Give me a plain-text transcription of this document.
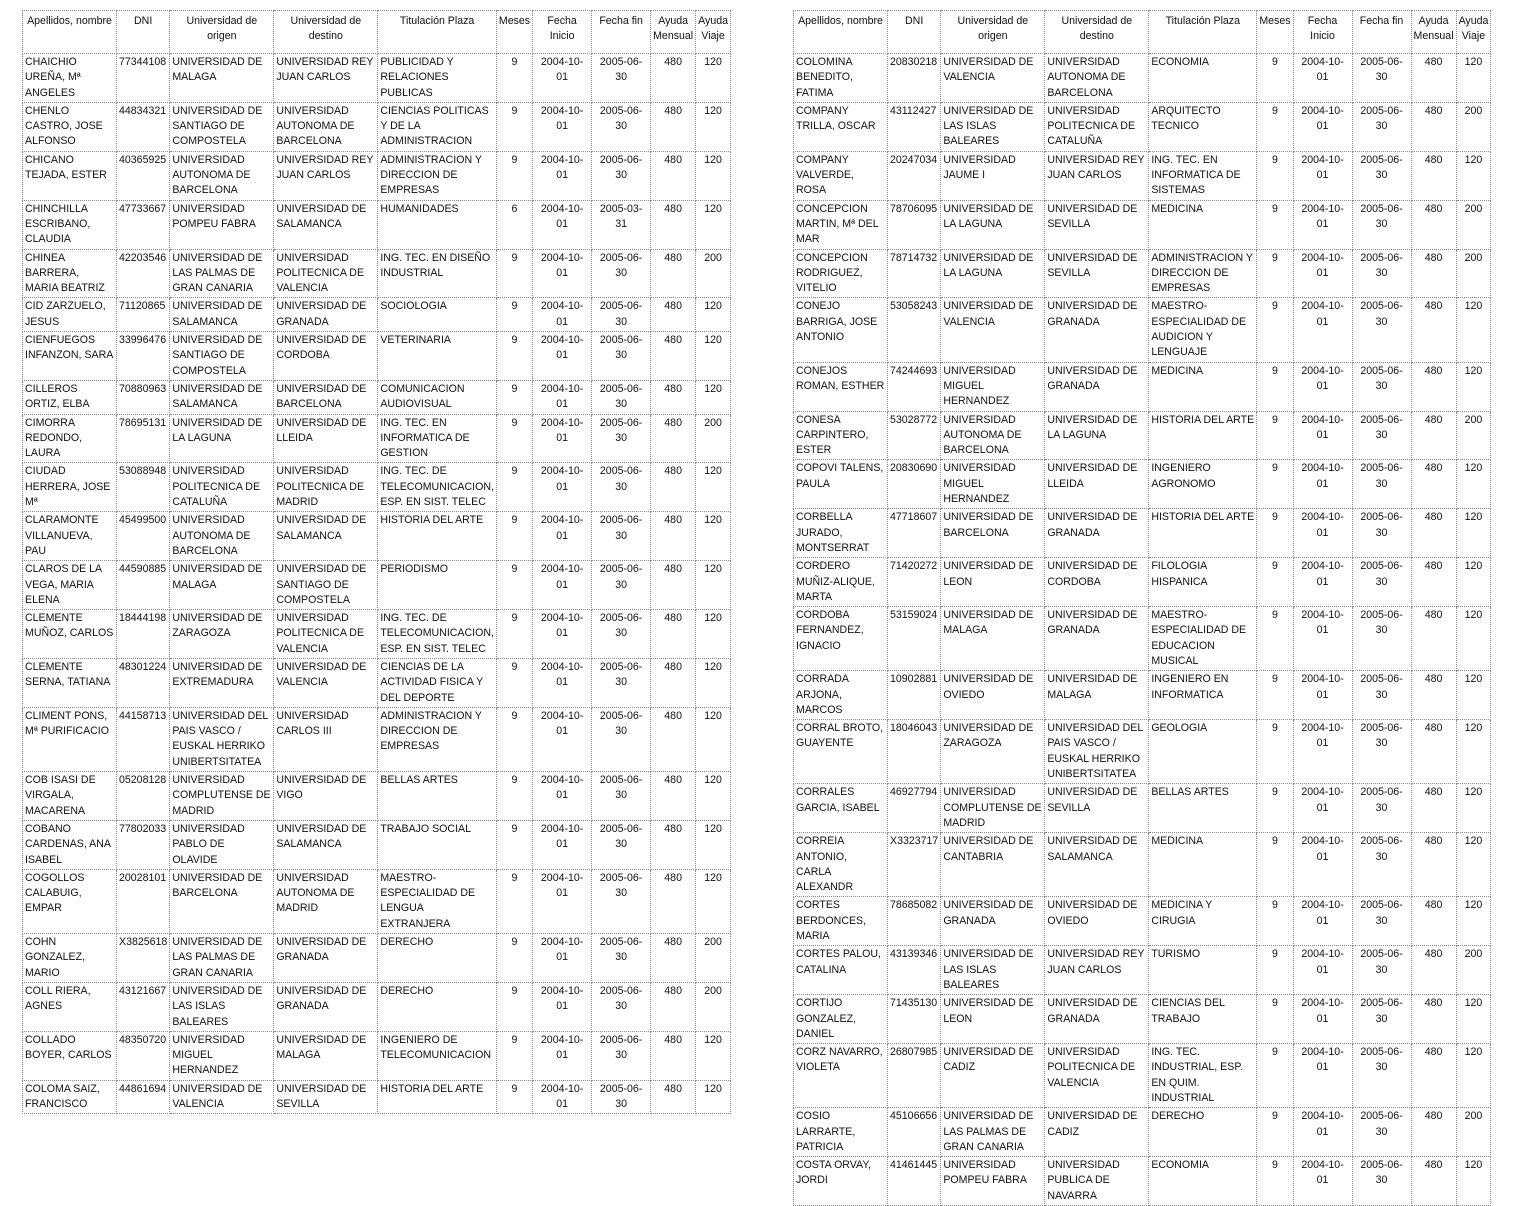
Apellidos, nombre	DNI	Universidad de origen	Universidad de destino	Titulación Plaza	Meses	Fecha Inicio	Fecha fin	Ayuda Mensual	Ayuda Viaje
CHAICHIO UREÑA, Mª ANGELES	77344108	UNIVERSIDAD DE MALAGA	UNIVERSIDAD REY JUAN CARLOS	PUBLICIDAD Y RELACIONES PUBLICAS	9	2004-10-01	2005-06-30	480	120
CHENLO CASTRO, JOSE ALFONSO	44834321	UNIVERSIDAD DE SANTIAGO DE COMPOSTELA	UNIVERSIDAD AUTONOMA DE BARCELONA	CIENCIAS POLITICAS Y DE LA ADMINISTRACION	9	2004-10-01	2005-06-30	480	120
CHICANO TEJADA, ESTER	40365925	UNIVERSIDAD AUTONOMA DE BARCELONA	UNIVERSIDAD REY JUAN CARLOS	ADMINISTRACION Y DIRECCION DE EMPRESAS	9	2004-10-01	2005-06-30	480	120
CHINCHILLA ESCRIBANO, CLAUDIA	47733667	UNIVERSIDAD POMPEU FABRA	UNIVERSIDAD DE SALAMANCA	HUMANIDADES	6	2004-10-01	2005-03-31	480	120
CHINEA BARRERA, MARIA BEATRIZ	42203546	UNIVERSIDAD DE LAS PALMAS DE GRAN CANARIA	UNIVERSIDAD POLITECNICA DE VALENCIA	ING. TEC. EN DISEÑO INDUSTRIAL	9	2004-10-01	2005-06-30	480	200
CID ZARZUELO, JESUS	71120865	UNIVERSIDAD DE SALAMANCA	UNIVERSIDAD DE GRANADA	SOCIOLOGIA	9	2004-10-01	2005-06-30	480	120
CIENFUEGOS INFANZON, SARA	33996476	UNIVERSIDAD DE SANTIAGO DE COMPOSTELA	UNIVERSIDAD DE CORDOBA	VETERINARIA	9	2004-10-01	2005-06-30	480	120
CILLEROS ORTIZ, ELBA	70880963	UNIVERSIDAD DE SALAMANCA	UNIVERSIDAD DE BARCELONA	COMUNICACION AUDIOVISUAL	9	2004-10-01	2005-06-30	480	120
CIMORRA REDONDO, LAURA	78695131	UNIVERSIDAD DE LA LAGUNA	UNIVERSIDAD DE LLEIDA	ING. TEC. EN INFORMATICA DE GESTION	9	2004-10-01	2005-06-30	480	200
CIUDAD HERRERA, JOSE Mª	53088948	UNIVERSIDAD POLITECNICA DE CATALUÑA	UNIVERSIDAD POLITECNICA DE MADRID	ING. TEC. DE TELECOMUNICACION, ESP. EN SIST. TELEC	9	2004-10-01	2005-06-30	480	120
CLARAMONTE VILLANUEVA, PAU	45499500	UNIVERSIDAD AUTONOMA DE BARCELONA	UNIVERSIDAD DE SALAMANCA	HISTORIA DEL ARTE	9	2004-10-01	2005-06-30	480	120
CLAROS DE LA VEGA, MARIA ELENA	44590885	UNIVERSIDAD DE MALAGA	UNIVERSIDAD DE SANTIAGO DE COMPOSTELA	PERIODISMO	9	2004-10-01	2005-06-30	480	120
CLEMENTE MUÑOZ, CARLOS	18444198	UNIVERSIDAD DE ZARAGOZA	UNIVERSIDAD POLITECNICA DE VALENCIA	ING. TEC. DE TELECOMUNICACION, ESP. EN SIST. TELEC	9	2004-10-01	2005-06-30	480	120
CLEMENTE SERNA, TATIANA	48301224	UNIVERSIDAD DE EXTREMADURA	UNIVERSIDAD DE VALENCIA	CIENCIAS DE LA ACTIVIDAD FISICA Y DEL DEPORTE	9	2004-10-01	2005-06-30	480	120
CLIMENT PONS, Mª PURIFICACIO	44158713	UNIVERSIDAD DEL PAIS VASCO / EUSKAL HERRIKO UNIBERTSITATEA	UNIVERSIDAD CARLOS III	ADMINISTRACION Y DIRECCION DE EMPRESAS	9	2004-10-01	2005-06-30	480	120
COB ISASI DE VIRGALA, MACARENA	05208128	UNIVERSIDAD COMPLUTENSE DE MADRID	UNIVERSIDAD DE VIGO	BELLAS ARTES	9	2004-10-01	2005-06-30	480	120
COBANO CARDENAS, ANA ISABEL	77802033	UNIVERSIDAD PABLO DE OLAVIDE	UNIVERSIDAD DE SALAMANCA	TRABAJO SOCIAL	9	2004-10-01	2005-06-30	480	120
COGOLLOS CALABUIG, EMPAR	20028101	UNIVERSIDAD DE BARCELONA	UNIVERSIDAD AUTONOMA DE MADRID	MAESTRO-ESPECIALIDAD DE LENGUA EXTRANJERA	9	2004-10-01	2005-06-30	480	120
COHN GONZALEZ, MARIO	X3825618	UNIVERSIDAD DE LAS PALMAS DE GRAN CANARIA	UNIVERSIDAD DE GRANADA	DERECHO	9	2004-10-01	2005-06-30	480	200
COLL RIERA, AGNES	43121667	UNIVERSIDAD DE LAS ISLAS BALEARES	UNIVERSIDAD DE GRANADA	DERECHO	9	2004-10-01	2005-06-30	480	200
COLLADO BOYER, CARLOS	48350720	UNIVERSIDAD MIGUEL HERNANDEZ	UNIVERSIDAD DE MALAGA	INGENIERO DE TELECOMUNICACION	9	2004-10-01	2005-06-30	480	120
COLOMA SAIZ, FRANCISCO	44861694	UNIVERSIDAD DE VALENCIA	UNIVERSIDAD DE SEVILLA	HISTORIA DEL ARTE	9	2004-10-01	2005-06-30	480	120
Apellidos, nombre	DNI	Universidad de origen	Universidad de destino	Titulación Plaza	Meses	Fecha Inicio	Fecha fin	Ayuda Mensual	Ayuda Viaje
COLOMINA BENEDITO, FATIMA	20830218	UNIVERSIDAD DE VALENCIA	UNIVERSIDAD AUTONOMA DE BARCELONA	ECONOMIA	9	2004-10-01	2005-06-30	480	120
COMPANY TRILLA, OSCAR	43112427	UNIVERSIDAD DE LAS ISLAS BALEARES	UNIVERSIDAD POLITECNICA DE CATALUÑA	ARQUITECTO TECNICO	9	2004-10-01	2005-06-30	480	200
COMPANY VALVERDE, ROSA	20247034	UNIVERSIDAD JAUME I	UNIVERSIDAD REY JUAN CARLOS	ING. TEC. EN INFORMATICA DE SISTEMAS	9	2004-10-01	2005-06-30	480	120
CONCEPCION MARTIN, Mª DEL MAR	78706095	UNIVERSIDAD DE LA LAGUNA	UNIVERSIDAD DE SEVILLA	MEDICINA	9	2004-10-01	2005-06-30	480	200
CONCEPCION RODRIGUEZ, VITELIO	78714732	UNIVERSIDAD DE LA LAGUNA	UNIVERSIDAD DE SEVILLA	ADMINISTRACION Y DIRECCION DE EMPRESAS	9	2004-10-01	2005-06-30	480	200
CONEJO BARRIGA, JOSE ANTONIO	53058243	UNIVERSIDAD DE VALENCIA	UNIVERSIDAD DE GRANADA	MAESTRO-ESPECIALIDAD DE AUDICION Y LENGUAJE	9	2004-10-01	2005-06-30	480	120
CONEJOS ROMAN, ESTHER	74244693	UNIVERSIDAD MIGUEL HERNANDEZ	UNIVERSIDAD DE GRANADA	MEDICINA	9	2004-10-01	2005-06-30	480	120
CONESA CARPINTERO, ESTER	53028772	UNIVERSIDAD AUTONOMA DE BARCELONA	UNIVERSIDAD DE LA LAGUNA	HISTORIA DEL ARTE	9	2004-10-01	2005-06-30	480	200
COPOVI TALENS, PAULA	20830690	UNIVERSIDAD MIGUEL HERNANDEZ	UNIVERSIDAD DE LLEIDA	INGENIERO AGRONOMO	9	2004-10-01	2005-06-30	480	120
CORBELLA JURADO, MONTSERRAT	47718607	UNIVERSIDAD DE BARCELONA	UNIVERSIDAD DE GRANADA	HISTORIA DEL ARTE	9	2004-10-01	2005-06-30	480	120
CORDERO MUÑIZ-ALIQUE, MARTA	71420272	UNIVERSIDAD DE LEON	UNIVERSIDAD DE CORDOBA	FILOLOGIA HISPANICA	9	2004-10-01	2005-06-30	480	120
CORDOBA FERNANDEZ, IGNACIO	53159024	UNIVERSIDAD DE MALAGA	UNIVERSIDAD DE GRANADA	MAESTRO-ESPECIALIDAD DE EDUCACION MUSICAL	9	2004-10-01	2005-06-30	480	120
CORRADA ARJONA, MARCOS	10902881	UNIVERSIDAD DE OVIEDO	UNIVERSIDAD DE MALAGA	INGENIERO EN INFORMATICA	9	2004-10-01	2005-06-30	480	120
CORRAL BROTO, GUAYENTE	18046043	UNIVERSIDAD DE ZARAGOZA	UNIVERSIDAD DEL PAIS VASCO / EUSKAL HERRIKO UNIBERTSITATEA	GEOLOGIA	9	2004-10-01	2005-06-30	480	120
CORRALES GARCIA, ISABEL	46927794	UNIVERSIDAD COMPLUTENSE DE MADRID	UNIVERSIDAD DE SEVILLA	BELLAS ARTES	9	2004-10-01	2005-06-30	480	120
CORREIA ANTONIO, CARLA ALEXANDR	X3323717	UNIVERSIDAD DE CANTABRIA	UNIVERSIDAD DE SALAMANCA	MEDICINA	9	2004-10-01	2005-06-30	480	120
CORTES BERDONCES, MARIA	78685082	UNIVERSIDAD DE GRANADA	UNIVERSIDAD DE OVIEDO	MEDICINA Y CIRUGIA	9	2004-10-01	2005-06-30	480	120
CORTES PALOU, CATALINA	43139346	UNIVERSIDAD DE LAS ISLAS BALEARES	UNIVERSIDAD REY JUAN CARLOS	TURISMO	9	2004-10-01	2005-06-30	480	200
CORTIJO GONZALEZ, DANIEL	71435130	UNIVERSIDAD DE LEON	UNIVERSIDAD DE GRANADA	CIENCIAS DEL TRABAJO	9	2004-10-01	2005-06-30	480	120
CORZ NAVARRO, VIOLETA	26807985	UNIVERSIDAD DE CADIZ	UNIVERSIDAD POLITECNICA DE VALENCIA	ING. TEC. INDUSTRIAL, ESP. EN QUIM. INDUSTRIAL	9	2004-10-01	2005-06-30	480	120
COSIO LARRARTE, PATRICIA	45106656	UNIVERSIDAD DE LAS PALMAS DE GRAN CANARIA	UNIVERSIDAD DE CADIZ	DERECHO	9	2004-10-01	2005-06-30	480	200
COSTA ORVAY, JORDI	41461445	UNIVERSIDAD POMPEU FABRA	UNIVERSIDAD PUBLICA DE NAVARRA	ECONOMIA	9	2004-10-01	2005-06-30	480	120
